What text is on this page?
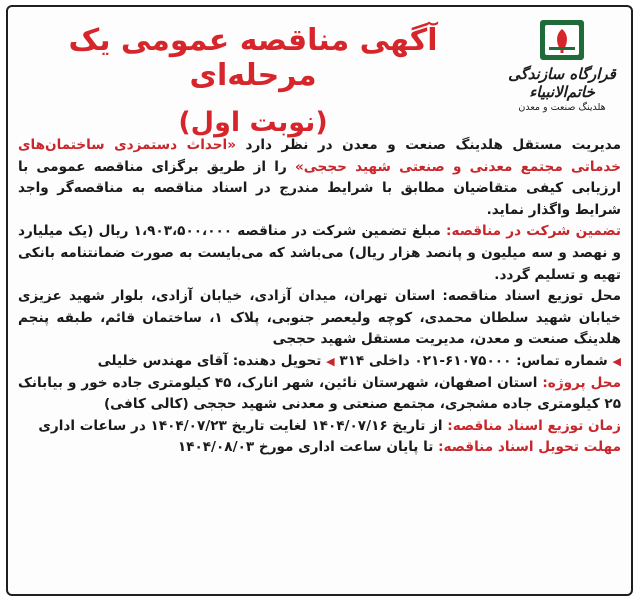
آگهی مناقصه عمومی یک مرحله‌ای
(نوبت اول)
قرارگاه سازندگی خاتم‌الانبیاء
هلدینگ صنعت و معدن

مدیریت مستقل هلدینگ صنعت و معدن در نظر دارد «احداث دستمزدی ساختمان‌های خدماتی مجتمع معدنی و صنعتی شهید حججی» را از طریق برگزای مناقصه عمومی با ارزیابی کیفی متقاضیان مطابق با شرایط مندرج در اسناد مناقصه به مناقصه‌گر واجد شرایط واگذار نماید.

تضمین شرکت در مناقصه: مبلغ تضمین شرکت در مناقصه ۱،۹۰۳،۵۰۰،۰۰۰ ریال (یک میلیارد و نهصد و سه میلیون و پانصد هزار ریال) می‌باشد که می‌بایست به صورت ضمانتنامه بانکی تهیه و تسلیم گردد.

محل توزیع اسناد مناقصه: استان تهران، میدان آزادی، خیابان آزادی، بلوار شهید عزیزی خیابان شهید سلطان محمدی، کوچه ولیعصر جنوبی، پلاک ۱، ساختمان قائم، طبقه پنجم هلدینگ صنعت و معدن، مدیریت مستقل شهید حججی

◀ شماره تماس: ۶۱۰۷۵۰۰۰-۰۲۱ داخلی ۳۱۴ ◀ تحویل دهنده: آقای مهندس خلیلی

محل پروژه: استان اصفهان، شهرستان نائین، شهر انارک، ۴۵ کیلومتری جاده خور و بیابانک ۲۵ کیلومتری جاده مشجری، مجتمع صنعتی و معدنی شهید حججی (کالی کافی)

زمان توزیع اسناد مناقصه: از تاریخ ۱۴۰۴/۰۷/۱۶ لغایت تاریخ ۱۴۰۴/۰۷/۲۳ در ساعات اداری

مهلت تحویل اسناد مناقصه: تا پایان ساعت اداری مورخ ۱۴۰۴/۰۸/۰۳
